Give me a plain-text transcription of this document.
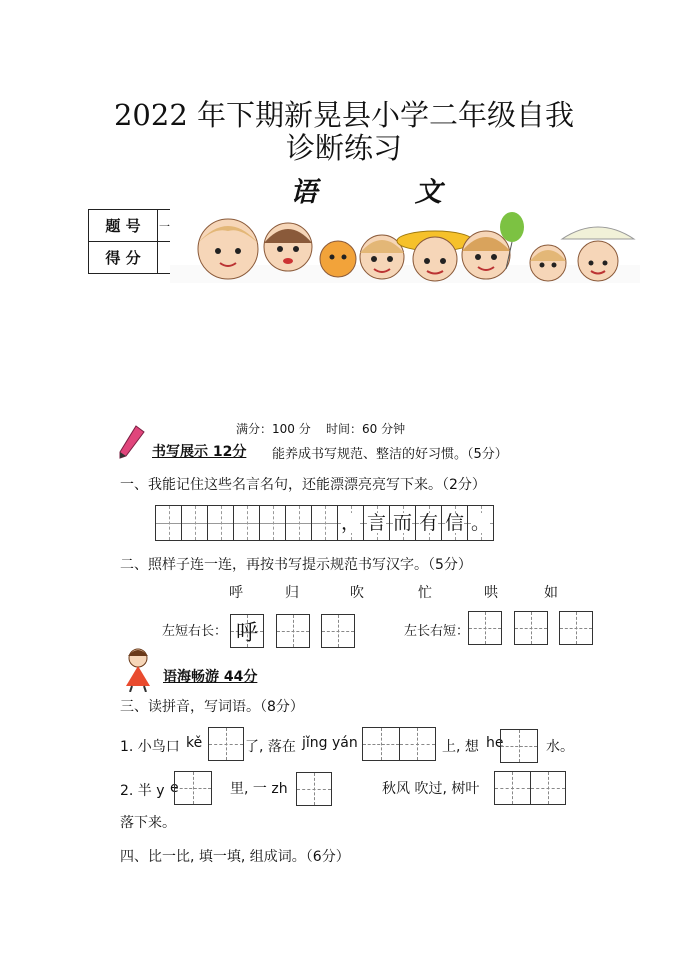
2022 年下期新晃县小学二年级自我
诊断练习
语 文
题 号	一					
得 分						
满分：100 分 时间：60 分钟
书写展示 12分 能养成书写规范、整洁的好习惯。（5分）
一、我能记住这些名言名句，还能漂漂亮亮写下来。（2分）
， 言 而 有 信 。
二、照样子连一连，再按书写提示规范书写汉字。（5分）
呼	归	吹	忙	哄	如
左短右长： 呼	左长右短：
语海畅游 44分
三、读拼音，写词语。（8分）
1. 小鸟口 kě	了, 落在 jǐng yán	上, 想 he	水。
2. 半 y e	里, 一 zh	秋风 吹过, 树叶
落下来。
四、比一比, 填一填, 组成词。（6分）
